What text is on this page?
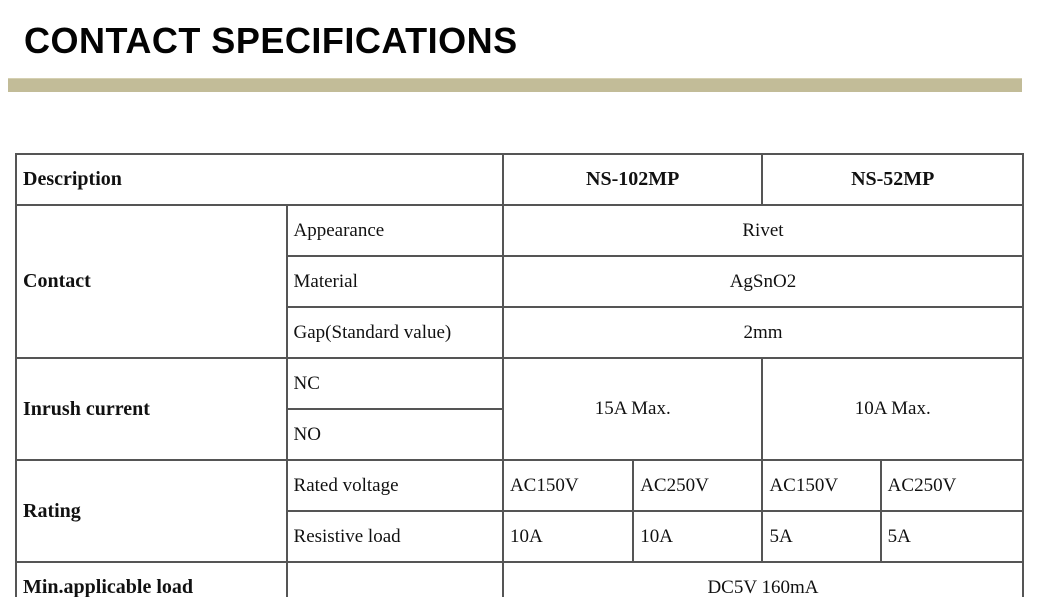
CONTACT SPECIFICATIONS
Description		NS-102MP		NS-52MP	
Contact	Appearance	Rivet			
	Material	AgSnO2			
	Gap(Standard value)	2mm			
Inrush current	NC	15A Max.		10A Max.	
	NO				
Rating	Rated voltage	AC150V	AC250V	AC150V	AC250V
	Resistive load	10A	10A	5A	5A
Min.applicable load		DC5V 160mA			
